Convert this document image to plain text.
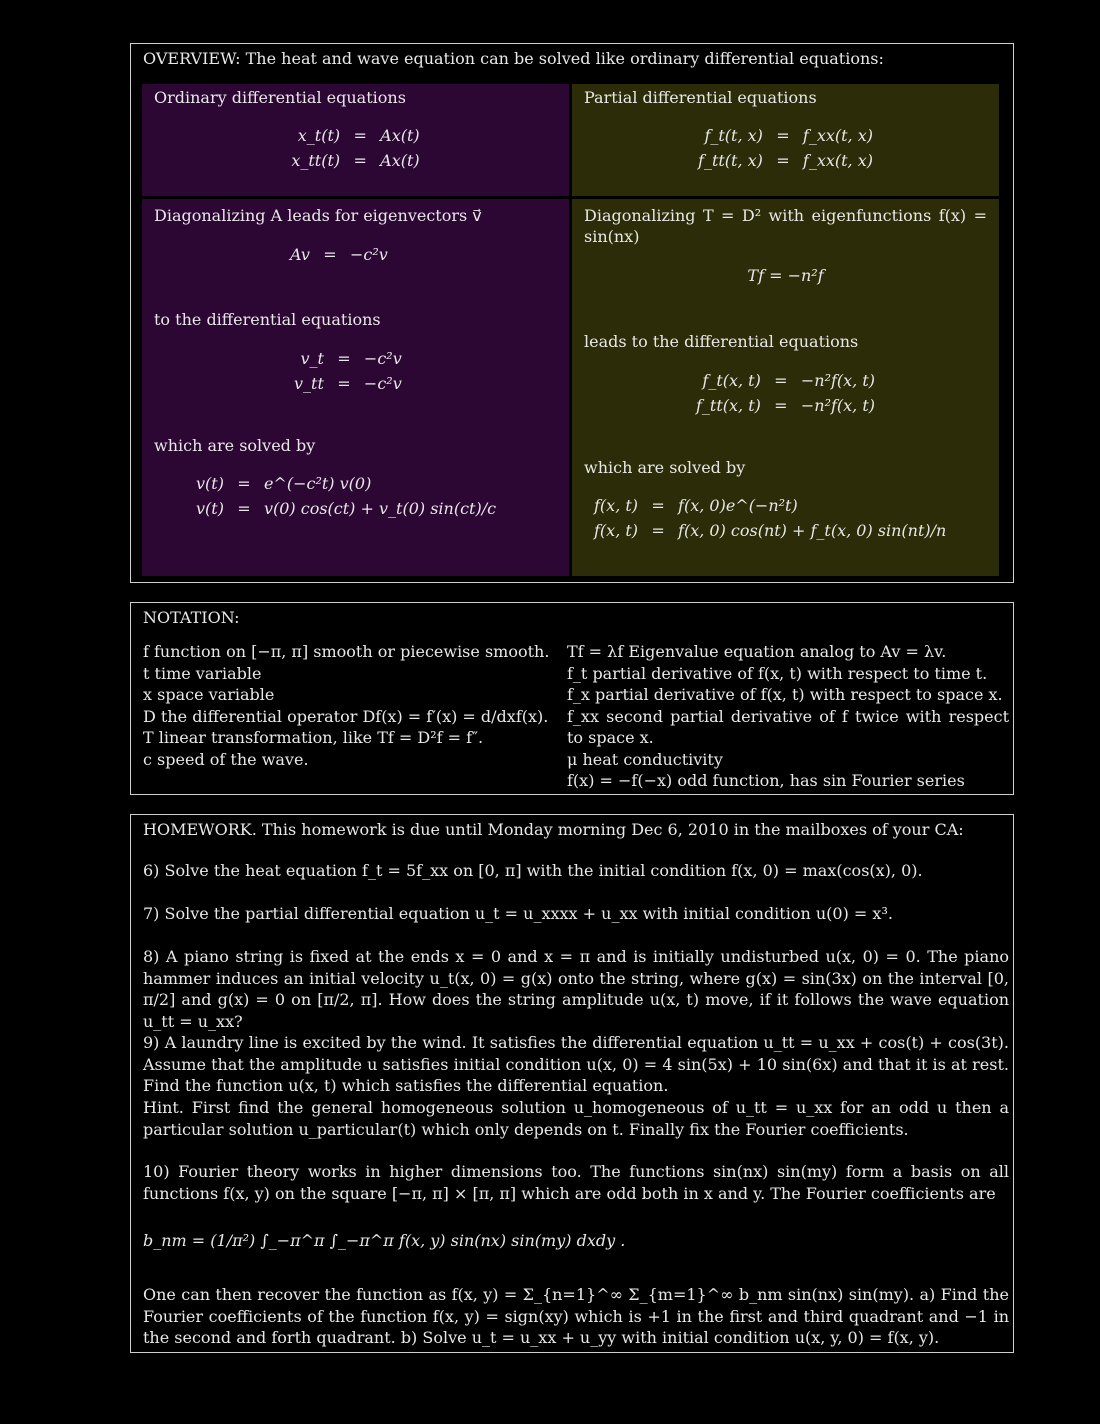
OVERVIEW: The heat and wave equation can be solved like ordinary differential equations:
Ordinary differential equations
x_t(t) = Ax(t)
x_tt(t) = Ax(t)
Partial differential equations
f_t(t, x) = f_xx(t, x)
f_tt(t, x) = f_xx(t, x)
Diagonalizing A leads for eigenvectors v⃗
Av = −c²v
to the differential equations
v_t = −c²v
v_tt = −c²v
which are solved by
v(t) = e^(−c²t) v(0)
v(t) = v(0) cos(ct) + v_t(0) sin(ct)/c
Diagonalizing T = D² with eigenfunctions f(x) = sin(nx)
Tf = −n²f
leads to the differential equations
f_t(x, t) = −n²f(x, t)
f_tt(x, t) = −n²f(x, t)
which are solved by
f(x, t) = f(x, 0)e^(−n²t)
f(x, t) = f(x, 0) cos(nt) + f_t(x, 0) sin(nt)/n
NOTATION:
f function on [−π, π] smooth or piecewise smooth.
t time variable
x space variable
D the differential operator Df(x) = f′(x) = d/dxf(x).
T linear transformation, like Tf = D²f = f″.
c speed of the wave.
Tf = λf Eigenvalue equation analog to Av = λv.
f_t partial derivative of f(x, t) with respect to time t.
f_x partial derivative of f(x, t) with respect to space x.
f_xx second partial derivative of f twice with respect to space x.
μ heat conductivity
f(x) = −f(−x) odd function, has sin Fourier series
HOMEWORK. This homework is due until Monday morning Dec 6, 2010 in the mailboxes of your CA:

6) Solve the heat equation f_t = 5f_xx on [0, π] with the initial condition f(x, 0) = max(cos(x), 0).

7) Solve the partial differential equation u_t = u_xxxx + u_xx with initial condition u(0) = x³.

8) A piano string is fixed at the ends x = 0 and x = π and is initially undisturbed u(x, 0) = 0. The piano hammer induces an initial velocity u_t(x, 0) = g(x) onto the string, where g(x) = sin(3x) on the interval [0, π/2] and g(x) = 0 on [π/2, π]. How does the string amplitude u(x, t) move, if it follows the wave equation u_tt = u_xx?

9) A laundry line is excited by the wind. It satisfies the differential equation u_tt = u_xx + cos(t) + cos(3t). Assume that the amplitude u satisfies initial condition u(x, 0) = 4 sin(5x) + 10 sin(6x) and that it is at rest. Find the function u(x, t) which satisfies the differential equation.

Hint. First find the general homogeneous solution u_homogeneous of u_tt = u_xx for an odd u then a particular solution u_particular(t) which only depends on t. Finally fix the Fourier coefficients.

10) Fourier theory works in higher dimensions too. The functions sin(nx) sin(my) form a basis on all functions f(x, y) on the square [−π, π] × [π, π] which are odd both in x and y. The Fourier coefficients are

b_nm = (1/π²) ∫_−π^π ∫_−π^π f(x, y) sin(nx) sin(my) dxdy .

One can then recover the function as f(x, y) = Σ_{n=1}^∞ Σ_{m=1}^∞ b_nm sin(nx) sin(my). a) Find the Fourier coefficients of the function f(x, y) = sign(xy) which is +1 in the first and third quadrant and −1 in the second and forth quadrant. b) Solve u_t = u_xx + u_yy with initial condition u(x, y, 0) = f(x, y).
